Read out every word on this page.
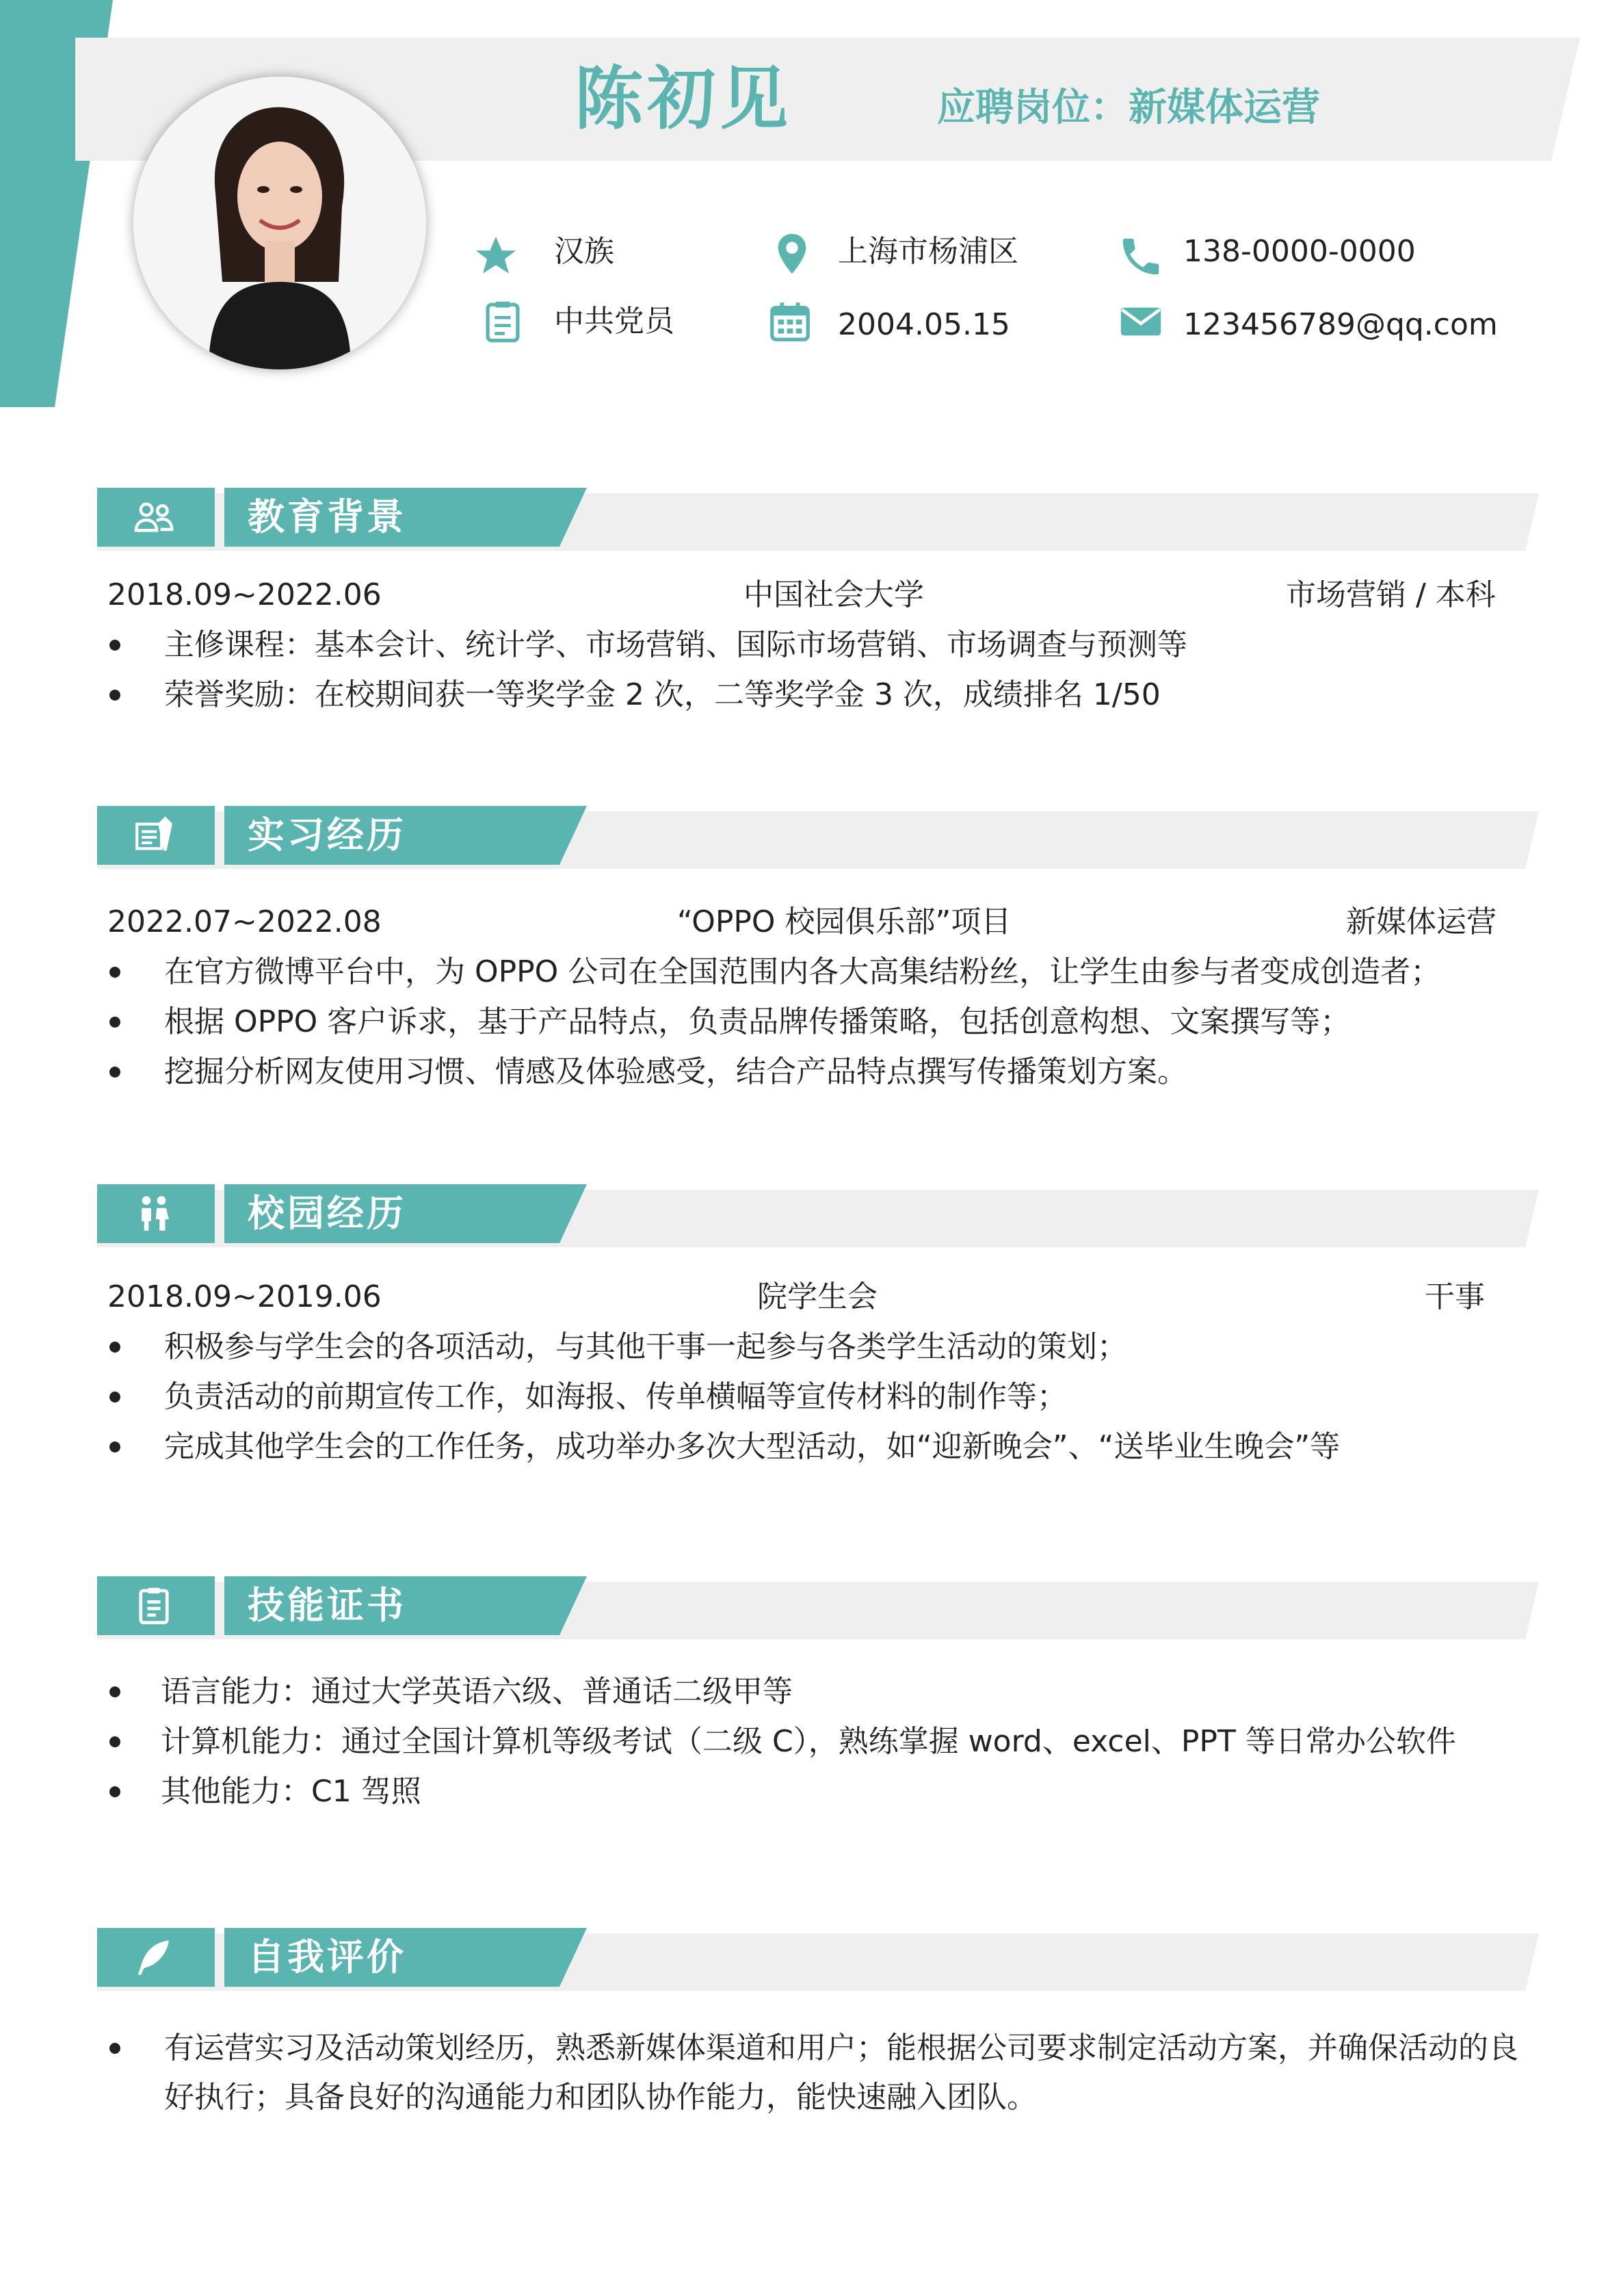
陈初见	应聘岗位：新媒体运营
汉族	上海市杨浦区	138-0000-0000
中共党员	2004.05.15	123456789@qq.com
教育背景
2018.09~2022.06	中国社会大学	市场营销 / 本科
主修课程：基本会计、统计学、市场营销、国际市场营销、市场调查与预测等
荣誉奖励：在校期间获一等奖学金 2 次，二等奖学金 3 次，成绩排名 1/50
实习经历
2022.07~2022.08	“OPPO 校园俱乐部”项目	新媒体运营
在官方微博平台中，为 OPPO 公司在全国范围内各大高集结粉丝，让学生由参与者变成创造者；
根据 OPPO 客户诉求，基于产品特点，负责品牌传播策略，包括创意构想、文案撰写等；
挖掘分析网友使用习惯、情感及体验感受，结合产品特点撰写传播策划方案。
校园经历
2018.09~2019.06	院学生会	干事
积极参与学生会的各项活动，与其他干事一起参与各类学生活动的策划；
负责活动的前期宣传工作，如海报、传单横幅等宣传材料的制作等；
完成其他学生会的工作任务，成功举办多次大型活动，如“迎新晚会”、“送毕业生晚会”等
技能证书
语言能力：通过大学英语六级、普通话二级甲等
计算机能力：通过全国计算机等级考试（二级 C），熟练掌握 word、excel、PPT 等日常办公软件
其他能力：C1 驾照
自我评价
有运营实习及活动策划经历，熟悉新媒体渠道和用户；能根据公司要求制定活动方案，并确保活动的良好执行；具备良好的沟通能力和团队协作能力，能快速融入团队。
